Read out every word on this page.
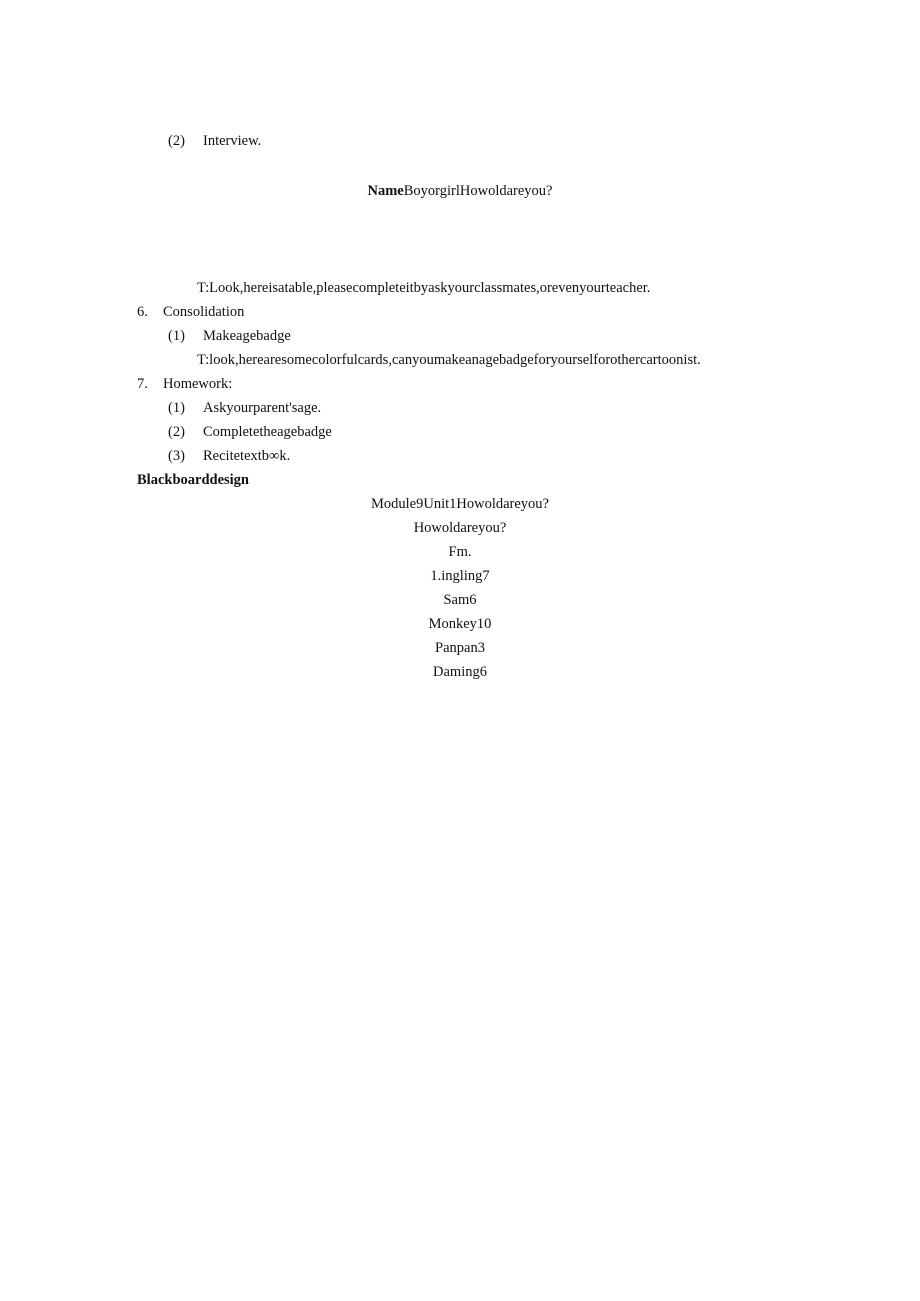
(2) Interview.
NameBoyorgirlHowoldareyou?
T:Look,hereisatable,pleasecompleteitbyaskyourclassmates,orevenyourteacher.
6. Consolidation
(1) Makeagebadge
T:look,herearesomecolorfulcards,canyoumakeanagebadgeforyourselforothercartoonist.
7. Homework:
(1) Askyourparent'sage.
(2) Completetheagebadge
(3) Recitetextb∞k.
Blackboarddesign
Module9Unit1Howoldareyou?
Howoldareyou?
Fm.
1.ingling7
Sam6
Monkey10
Panpan3
Daming6
